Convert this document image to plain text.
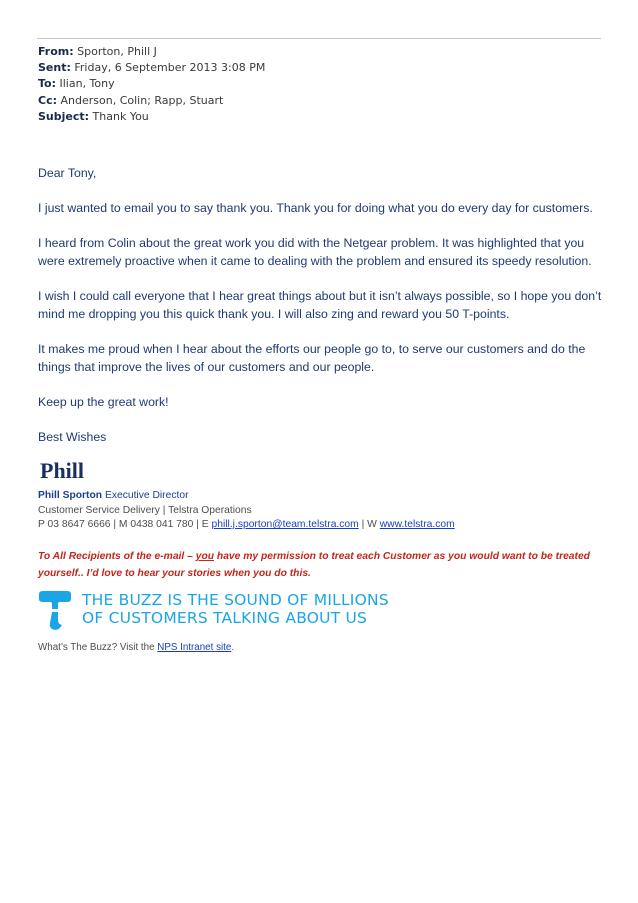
From: Sporton, Phill J
Sent: Friday, 6 September 2013 3:08 PM
To: Ilian, Tony
Cc: Anderson, Colin; Rapp, Stuart
Subject: Thank You

Dear Tony,

I just wanted to email you to say thank you. Thank you for doing what you do every day for customers.

I heard from Colin about the great work you did with the Netgear problem. It was highlighted that you were extremely proactive when it came to dealing with the problem and ensured its speedy resolution.

I wish I could call everyone that I hear great things about but it isn’t always possible, so I hope you don’t mind me dropping you this quick thank you. I will also zing and reward you 50 T-points.

It makes me proud when I hear about the efforts our people go to, to serve our customers and do the things that improve the lives of our customers and our people.

Keep up the great work!

Best Wishes

Phill
Phill Sporton Executive Director
Customer Service Delivery | Telstra Operations
P 03 8647 6666 | M 0438 041 780 | E phill.j.sporton@team.telstra.com | W www.telstra.com
To All Recipients of the e-mail – you have my permission to treat each Customer as you would want to be treated yourself.. I’d love to hear your stories when you do this.
THE BUZZ IS THE SOUND OF MILLIONS
OF CUSTOMERS TALKING ABOUT US
What’s The Buzz? Visit the NPS Intranet site.
